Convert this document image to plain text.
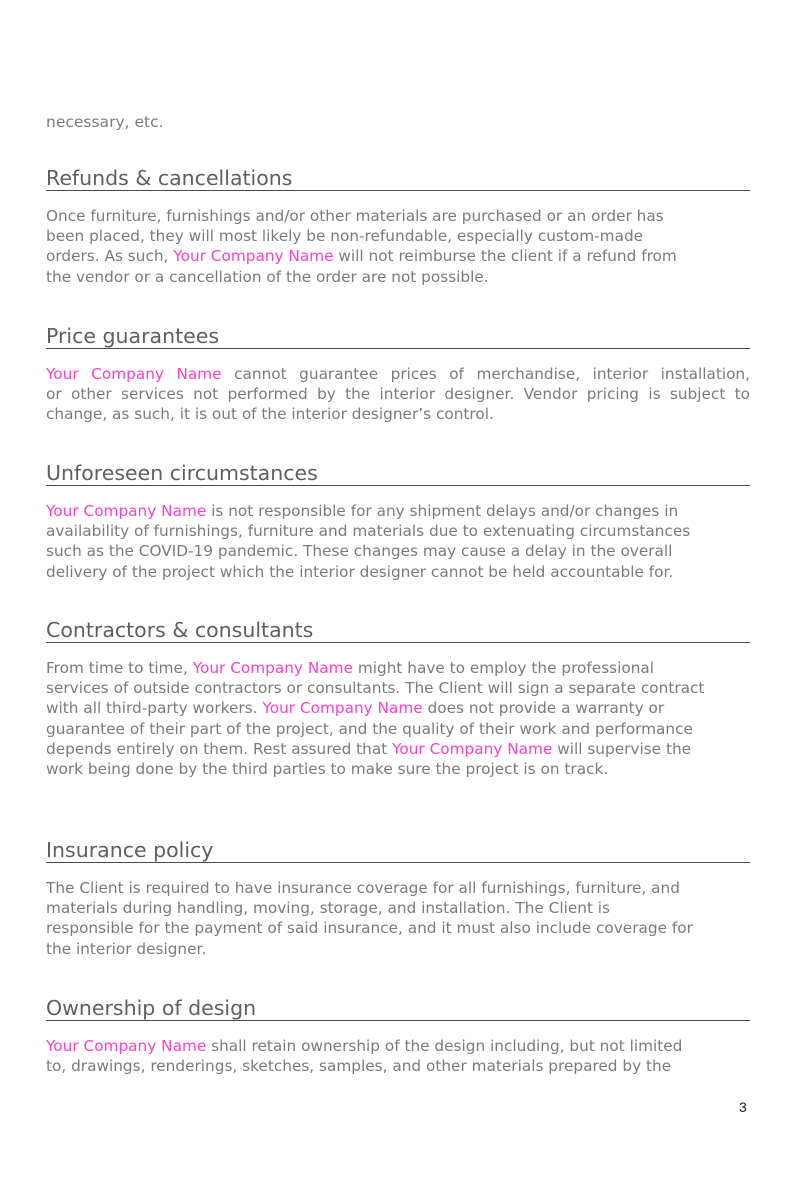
necessary, etc.

Refunds & cancellations
Once furniture, furnishings and/or other materials are purchased or an order has
been placed, they will most likely be non-refundable, especially custom-made
orders. As such, Your Company Name will not reimburse the client if a refund from
the vendor or a cancellation of the order are not possible.
Price guarantees
Your Company Name cannot guarantee prices of merchandise, interior installation,
or other services not performed by the interior designer. Vendor pricing is subject to
change, as such, it is out of the interior designer’s control.
Unforeseen circumstances
Your Company Name is not responsible for any shipment delays and/or changes in
availability of furnishings, furniture and materials due to extenuating circumstances
such as the COVID-19 pandemic. These changes may cause a delay in the overall
delivery of the project which the interior designer cannot be held accountable for.
Contractors & consultants
From time to time, Your Company Name might have to employ the professional
services of outside contractors or consultants. The Client will sign a separate contract
with all third-party workers. Your Company Name does not provide a warranty or
guarantee of their part of the project, and the quality of their work and performance
depends entirely on them. Rest assured that Your Company Name will supervise the
work being done by the third parties to make sure the project is on track.
Insurance policy
The Client is required to have insurance coverage for all furnishings, furniture, and
materials during handling, moving, storage, and installation. The Client is
responsible for the payment of said insurance, and it must also include coverage for
the interior designer.
Ownership of design
Your Company Name shall retain ownership of the design including, but not limited
to, drawings, renderings, sketches, samples, and other materials prepared by the
3
